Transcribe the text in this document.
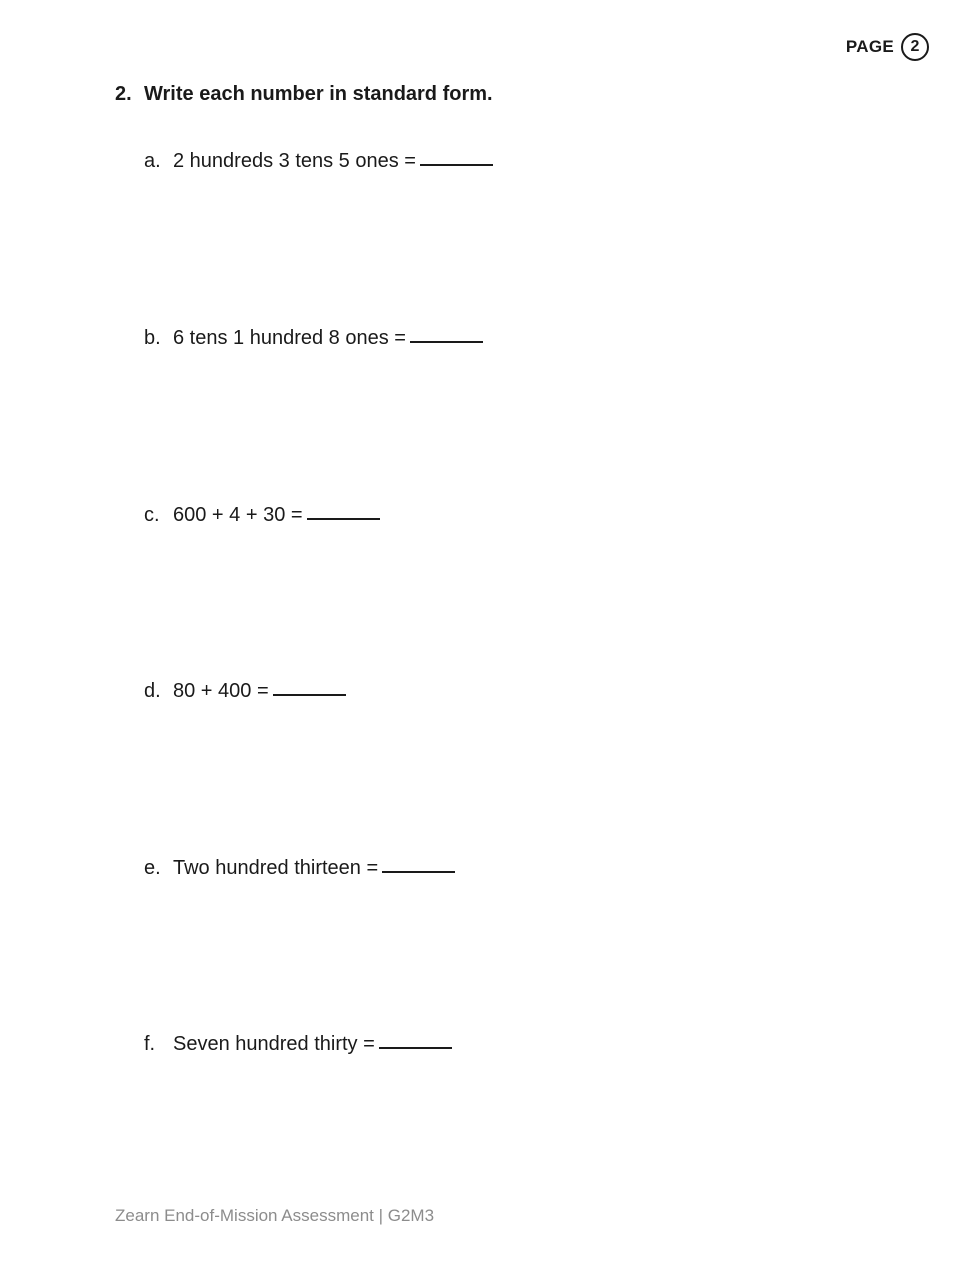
PAGE	2
2. Write each number in standard form.
a. 2 hundreds 3 tens 5 ones =
b. 6 tens 1 hundred 8 ones =
c. 600 + 4 + 30 =
d. 80 + 400 =
e. Two hundred thirteen =
f. Seven hundred thirty =
Zearn End-of-Mission Assessment | G2M3
